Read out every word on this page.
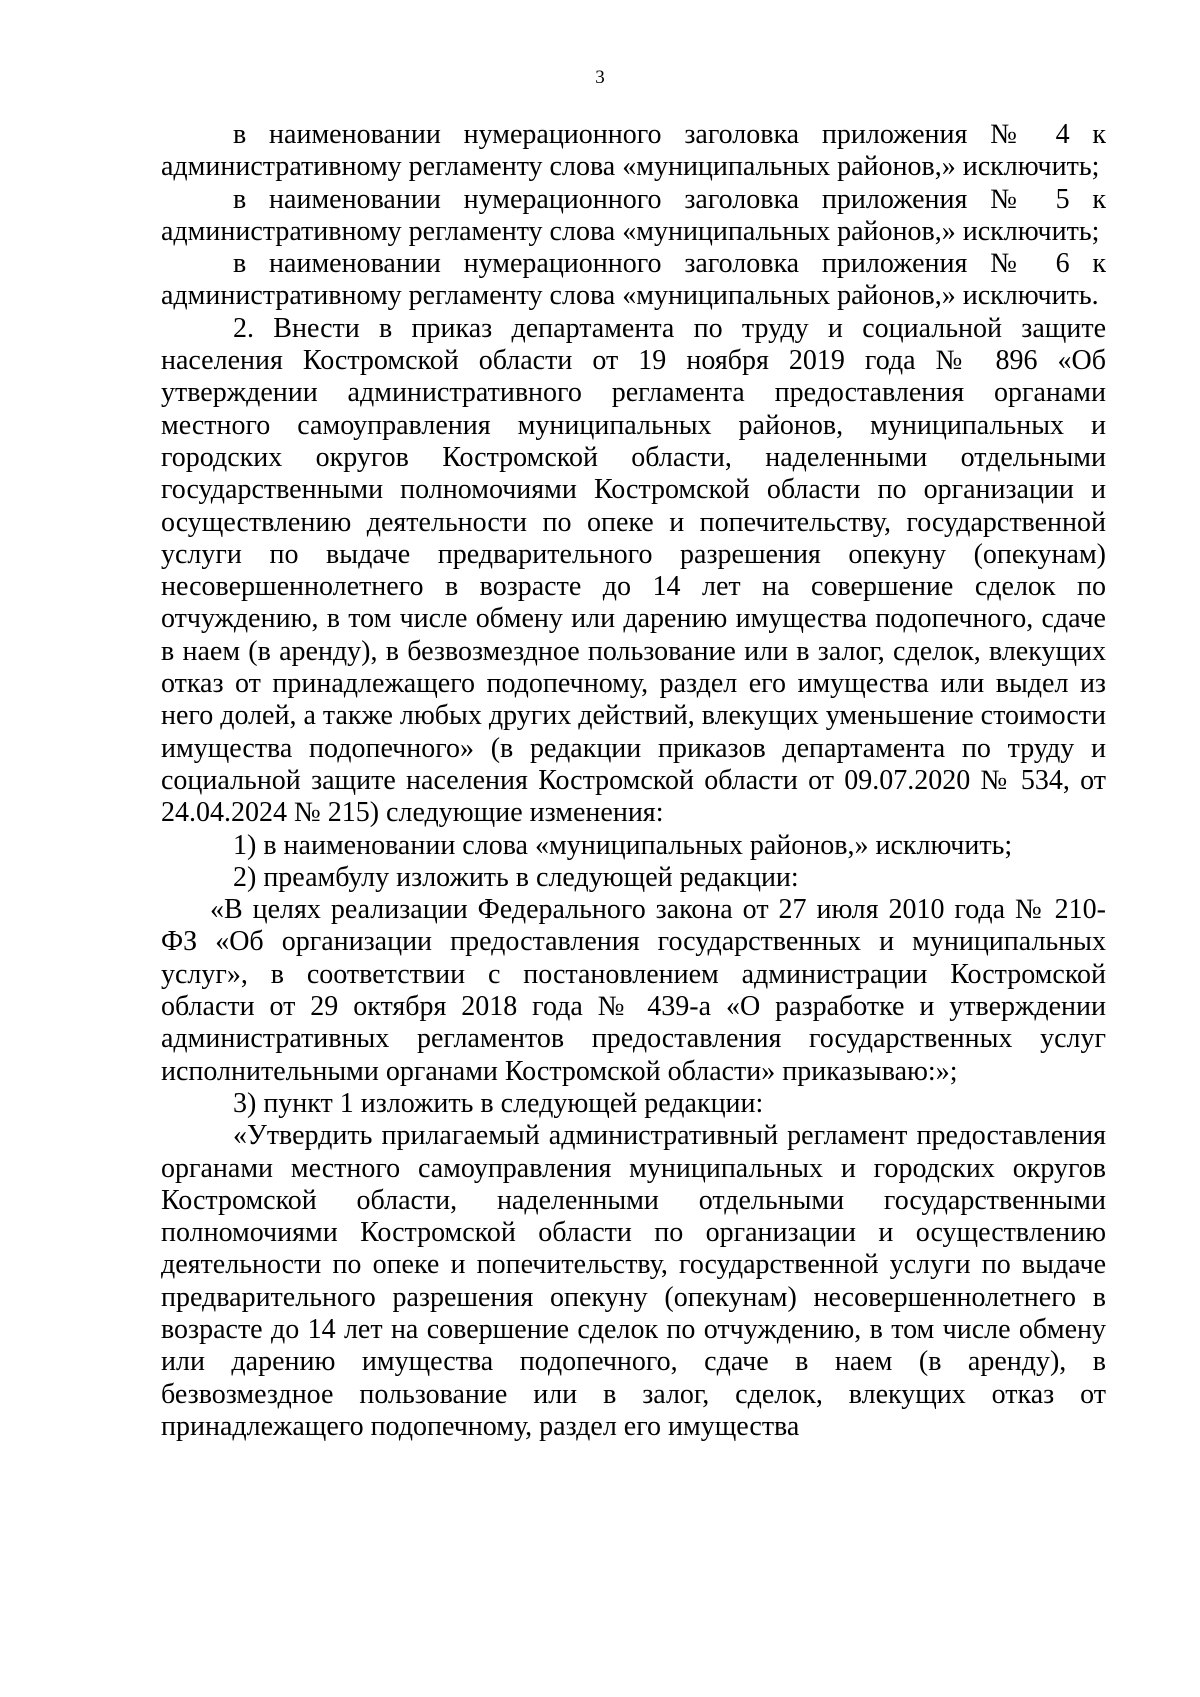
3

в наименовании нумерационного заголовка приложения № 4 к административному регламенту слова «муниципальных районов,» исключить;

в наименовании нумерационного заголовка приложения № 5 к административному регламенту слова «муниципальных районов,» исключить;

в наименовании нумерационного заголовка приложения № 6 к административному регламенту слова «муниципальных районов,» исключить.

2. Внести в приказ департамента по труду и социальной защите населения Костромской области от 19 ноября 2019 года № 896 «Об утверждении административного регламента предоставления органами местного самоуправления муниципальных районов, муниципальных и городских округов Костромской области, наделенными отдельными государственными полномочиями Костромской области по организации и осуществлению деятельности по опеке и попечительству, государственной услуги по выдаче предварительного разрешения опекуну (опекунам) несовершеннолетнего в возрасте до 14 лет на совершение сделок по отчуждению, в том числе обмену или дарению имущества подопечного, сдаче в наем (в аренду), в безвозмездное пользование или в залог, сделок, влекущих отказ от принадлежащего подопечному, раздел его имущества или выдел из него долей, а также любых других действий, влекущих уменьшение стоимости имущества подопечного» (в редакции приказов департамента по труду и социальной защите населения Костромской области от 09.07.2020 № 534, от 24.04.2024 № 215) следующие изменения:

1) в наименовании слова «муниципальных районов,» исключить;

2) преамбулу изложить в следующей редакции:

«В целях реализации Федерального закона от 27 июля 2010 года № 210-ФЗ «Об организации предоставления государственных и муниципальных услуг», в соответствии с постановлением администрации Костромской области от 29 октября 2018 года № 439-а «О разработке и утверждении административных регламентов предоставления государственных услуг исполнительными органами Костромской области» приказываю:»;

3) пункт 1 изложить в следующей редакции:

«Утвердить прилагаемый административный регламент предоставления органами местного самоуправления муниципальных и городских округов Костромской области, наделенными отдельными государственными полномочиями Костромской области по организации и осуществлению деятельности по опеке и попечительству, государственной услуги по выдаче предварительного разрешения опекуну (опекунам) несовершеннолетнего в возрасте до 14 лет на совершение сделок по отчуждению, в том числе обмену или дарению имущества подопечного, сдаче в наем (в аренду), в безвозмездное пользование или в залог, сделок, влекущих отказ от принадлежащего подопечному, раздел его имущества
